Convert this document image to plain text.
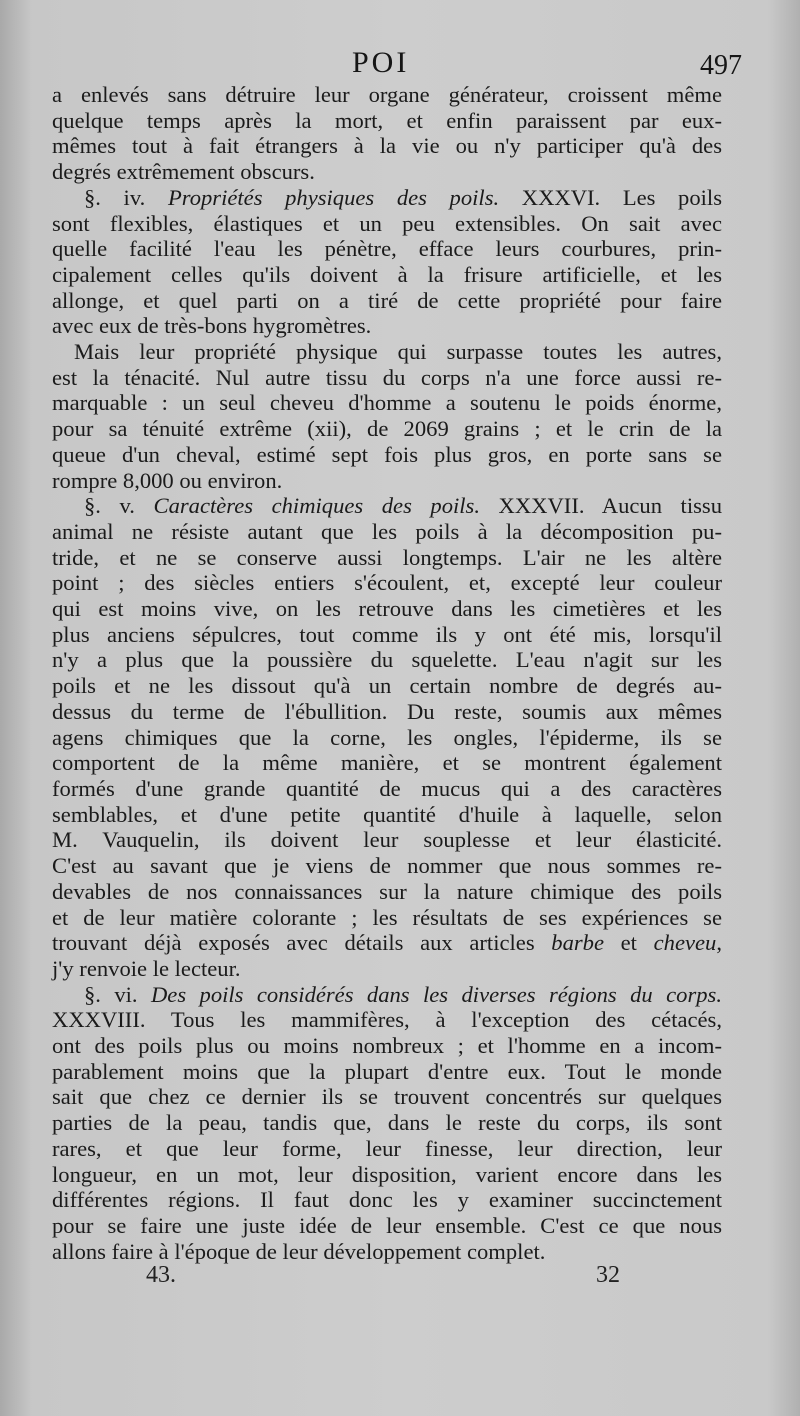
POI	497
a enlevés sans détruire leur organe générateur, croissent même
quelque temps après la mort, et enfin paraissent par eux-
mêmes tout à fait étrangers à la vie ou n'y participer qu'à des
degrés extrêmement obscurs.
§. iv. Propriétés physiques des poils. XXXVI. Les poils
sont flexibles, élastiques et un peu extensibles. On sait avec
quelle facilité l'eau les pénètre, efface leurs courbures, prin-
cipalement celles qu'ils doivent à la frisure artificielle, et les
allonge, et quel parti on a tiré de cette propriété pour faire
avec eux de très-bons hygromètres.
Mais leur propriété physique qui surpasse toutes les autres,
est la ténacité. Nul autre tissu du corps n'a une force aussi re-
marquable : un seul cheveu d'homme a soutenu le poids énorme,
pour sa ténuité extrême (xii), de 2069 grains ; et le crin de la
queue d'un cheval, estimé sept fois plus gros, en porte sans se
rompre 8,000 ou environ.
§. v. Caractères chimiques des poils. XXXVII. Aucun tissu
animal ne résiste autant que les poils à la décomposition pu-
tride, et ne se conserve aussi longtemps. L'air ne les altère
point ; des siècles entiers s'écoulent, et, excepté leur couleur
qui est moins vive, on les retrouve dans les cimetières et les
plus anciens sépulcres, tout comme ils y ont été mis, lorsqu'il
n'y a plus que la poussière du squelette. L'eau n'agit sur les
poils et ne les dissout qu'à un certain nombre de degrés au-
dessus du terme de l'ébullition. Du reste, soumis aux mêmes
agens chimiques que la corne, les ongles, l'épiderme, ils se
comportent de la même manière, et se montrent également
formés d'une grande quantité de mucus qui a des caractères
semblables, et d'une petite quantité d'huile à laquelle, selon
M. Vauquelin, ils doivent leur souplesse et leur élasticité.
C'est au savant que je viens de nommer que nous sommes re-
devables de nos connaissances sur la nature chimique des poils
et de leur matière colorante ; les résultats de ses expériences se
trouvant déjà exposés avec détails aux articles barbe et cheveu,
j'y renvoie le lecteur.
§. vi. Des poils considérés dans les diverses régions du corps.
XXXVIII. Tous les mammifères, à l'exception des cétacés,
ont des poils plus ou moins nombreux ; et l'homme en a incom-
parablement moins que la plupart d'entre eux. Tout le monde
sait que chez ce dernier ils se trouvent concentrés sur quelques
parties de la peau, tandis que, dans le reste du corps, ils sont
rares, et que leur forme, leur finesse, leur direction, leur
longueur, en un mot, leur disposition, varient encore dans les
différentes régions. Il faut donc les y examiner succinctement
pour se faire une juste idée de leur ensemble. C'est ce que nous
allons faire à l'époque de leur développement complet.
43.	32
